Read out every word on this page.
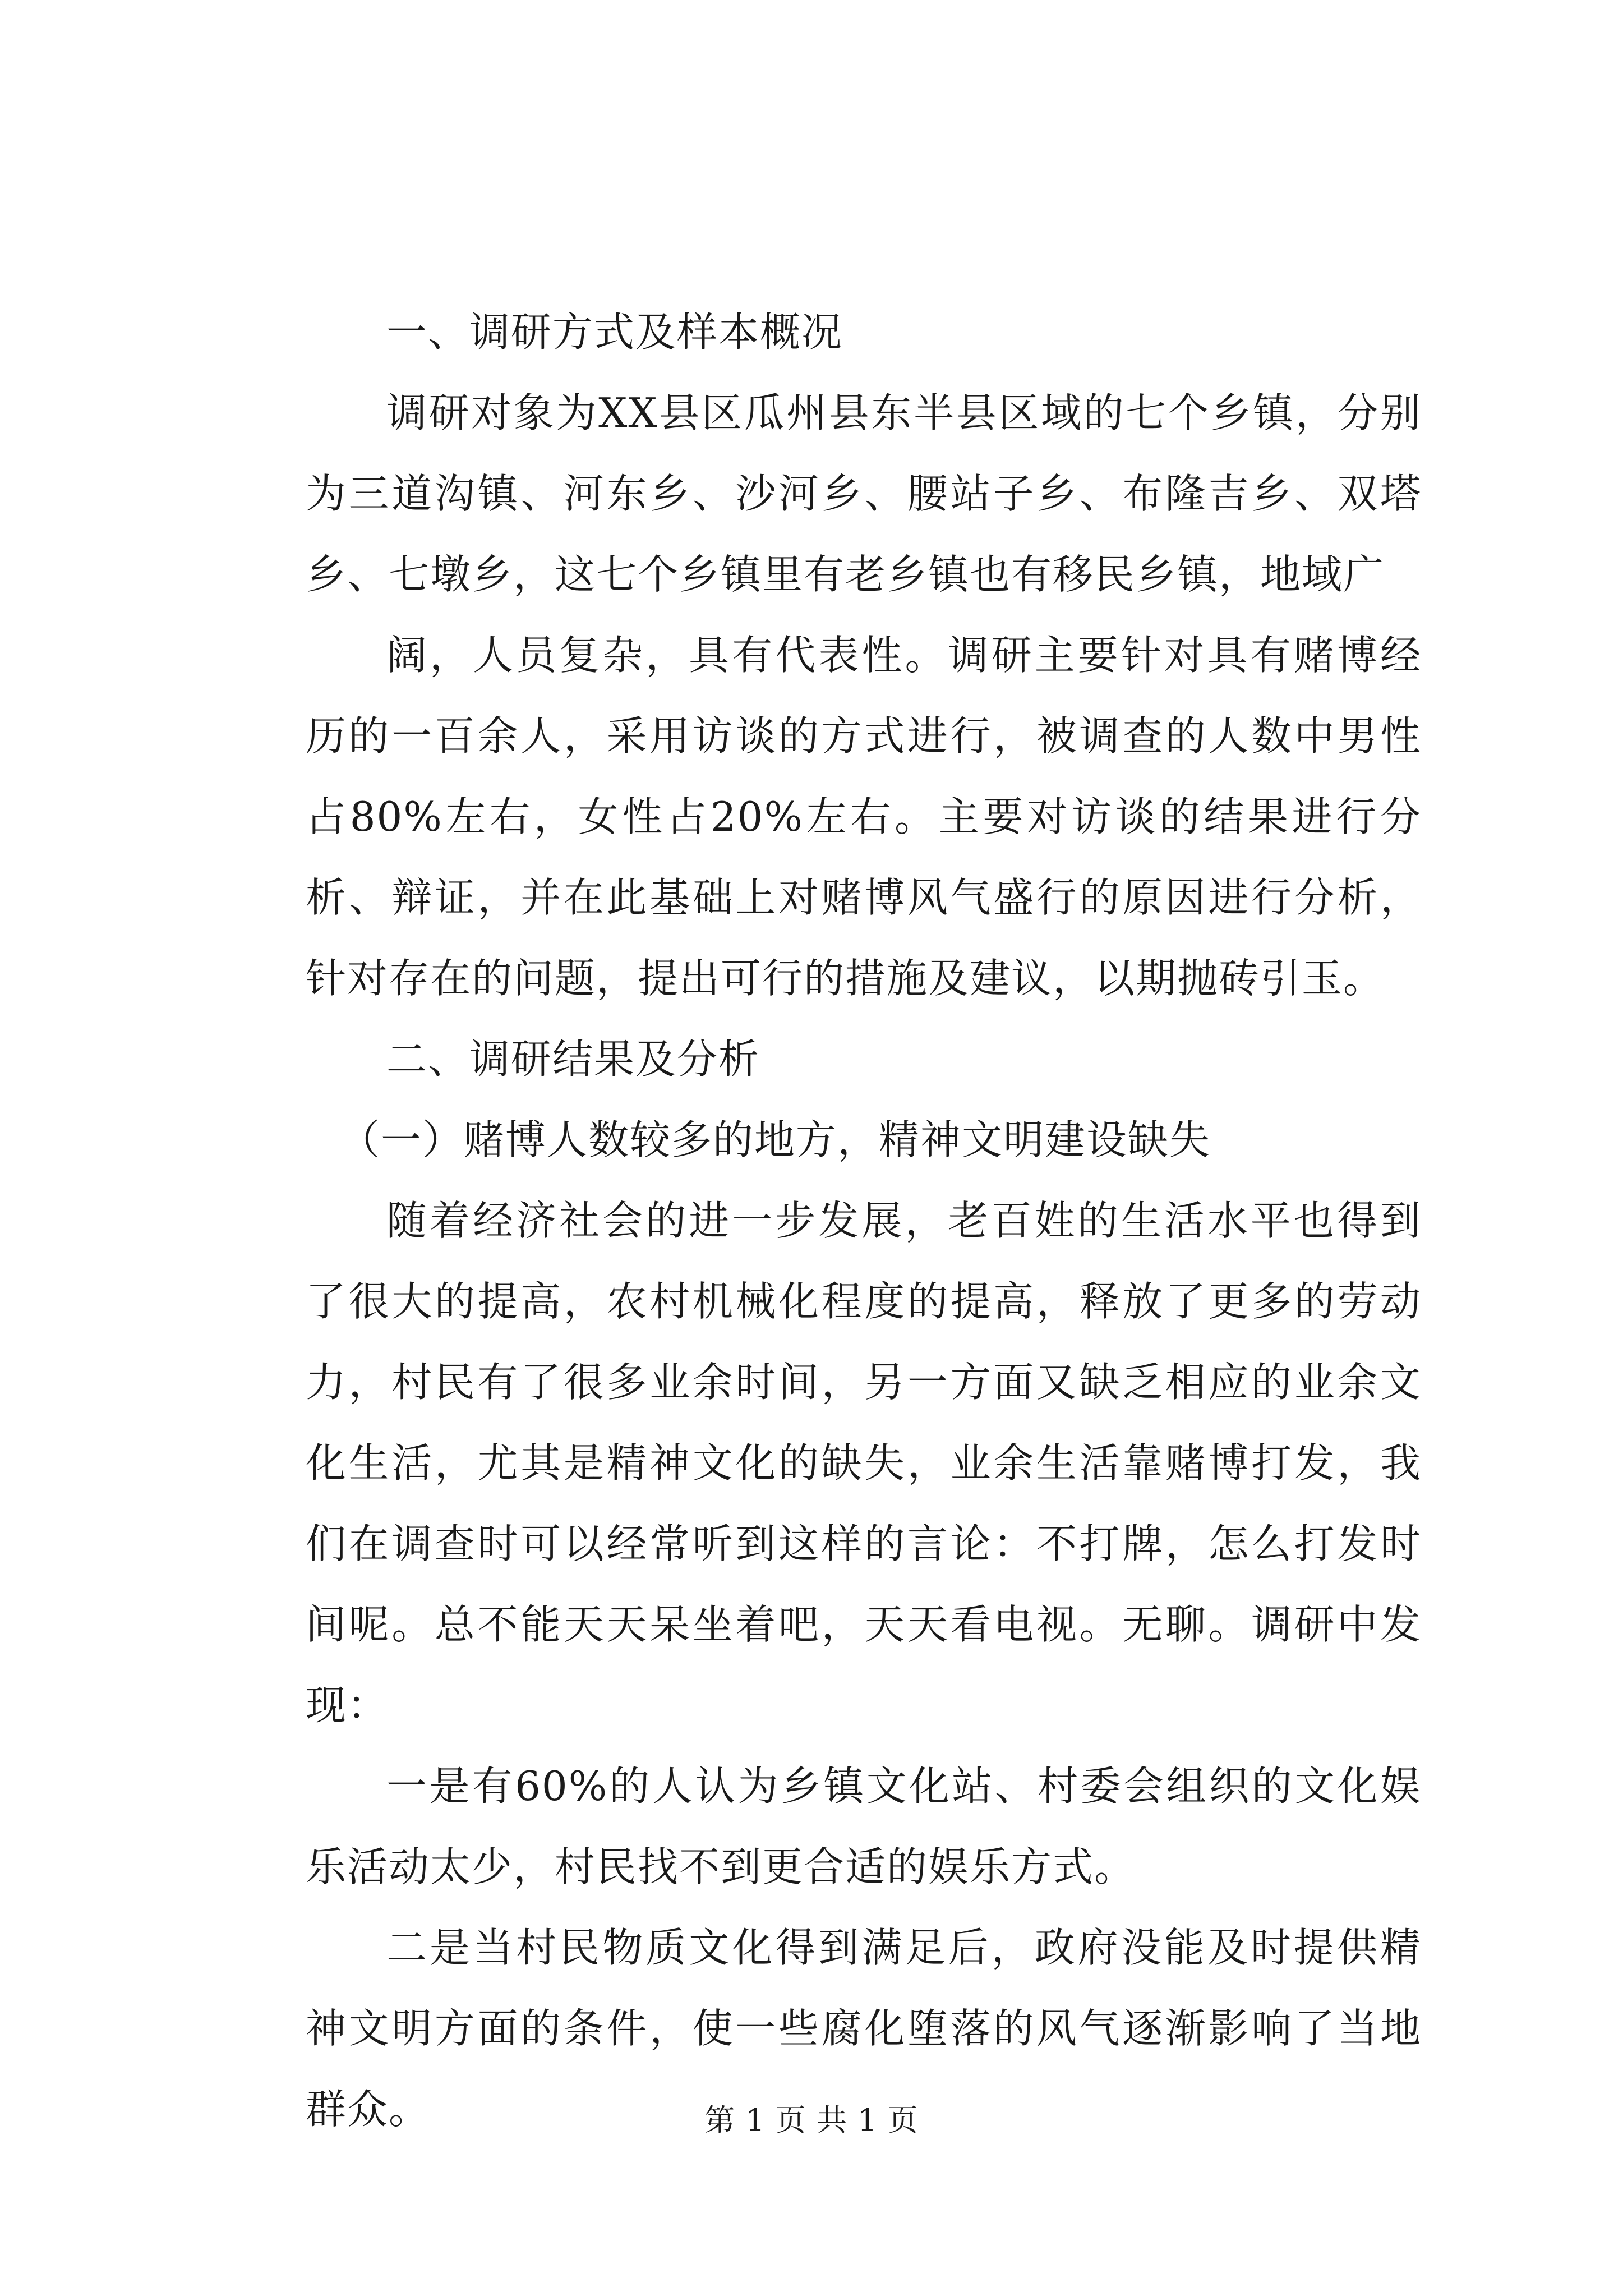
一、调研方式及样本概况

调研对象为XX县区瓜州县东半县区域的七个乡镇，分别为三道沟镇、河东乡、沙河乡、腰站子乡、布隆吉乡、双塔乡、七墩乡，这七个乡镇里有老乡镇也有移民乡镇，地域广

阔，人员复杂，具有代表性。调研主要针对具有赌博经历的一百余人，采用访谈的方式进行，被调查的人数中男性占80%左右，女性占20%左右。主要对访谈的结果进行分析、辩证，并在此基础上对赌博风气盛行的原因进行分析，针对存在的问题，提出可行的措施及建议，以期抛砖引玉。

二、调研结果及分析

（一）赌博人数较多的地方，精神文明建设缺失

随着经济社会的进一步发展，老百姓的生活水平也得到了很大的提高，农村机械化程度的提高，释放了更多的劳动力，村民有了很多业余时间，另一方面又缺乏相应的业余文化生活，尤其是精神文化的缺失，业余生活靠赌博打发，我们在调查时可以经常听到这样的言论：不打牌，怎么打发时间呢。总不能天天呆坐着吧，天天看电视。无聊。调研中发现：

一是有60%的人认为乡镇文化站、村委会组织的文化娱乐活动太少，村民找不到更合适的娱乐方式。

二是当村民物质文化得到满足后，政府没能及时提供精神文明方面的条件，使一些腐化堕落的风气逐渐影响了当地群众。	第 1 页 共 1 页
